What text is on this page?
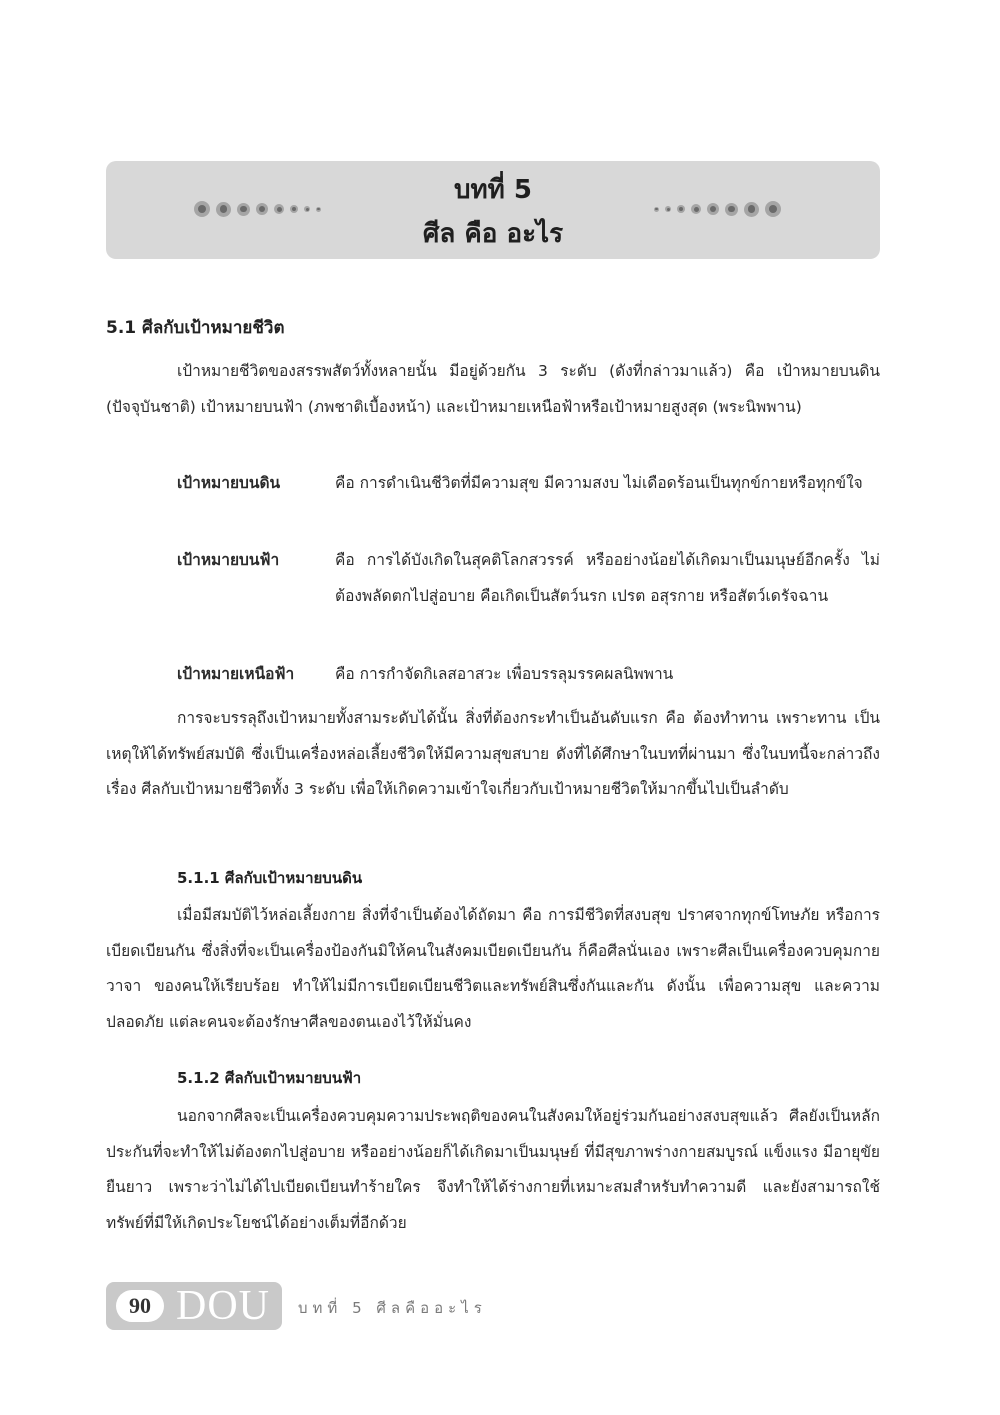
บทที่ 5
ศีล คือ อะไร
5.1 ศีลกับเป้าหมายชีวิต

เป้าหมายชีวิตของสรรพสัตว์ทั้งหลายนั้น มีอยู่ด้วยกัน 3 ระดับ (ดังที่กล่าวมาแล้ว) คือ เป้าหมายบนดิน (ปัจจุบันชาติ) เป้าหมายบนฟ้า (ภพชาติเบื้องหน้า) และเป้าหมายเหนือฟ้าหรือเป้าหมายสูงสุด (พระนิพพาน)

เป้าหมายบนดิน	คือ การดำเนินชีวิตที่มีความสุข มีความสงบ ไม่เดือดร้อนเป็นทุกข์กายหรือทุกข์ใจ
เป้าหมายบนฟ้า	คือ การได้บังเกิดในสุคติโลกสวรรค์ หรืออย่างน้อยได้เกิดมาเป็นมนุษย์อีกครั้ง ไม่ต้องพลัดตกไปสู่อบาย คือเกิดเป็นสัตว์นรก เปรต อสุรกาย หรือสัตว์เดรัจฉาน
เป้าหมายเหนือฟ้า	คือ การกำจัดกิเลสอาสวะ เพื่อบรรลุมรรคผลนิพพาน

การจะบรรลุถึงเป้าหมายทั้งสามระดับได้นั้น สิ่งที่ต้องกระทำเป็นอันดับแรก คือ ต้องทำทาน เพราะทาน เป็นเหตุให้ได้ทรัพย์สมบัติ ซึ่งเป็นเครื่องหล่อเลี้ยงชีวิตให้มีความสุขสบาย ดังที่ได้ศึกษาในบทที่ผ่านมา ซึ่งในบทนี้จะกล่าวถึงเรื่อง ศีลกับเป้าหมายชีวิตทั้ง 3 ระดับ เพื่อให้เกิดความเข้าใจเกี่ยวกับเป้าหมายชีวิตให้มากขึ้นไปเป็นลำดับ

5.1.1 ศีลกับเป้าหมายบนดิน

เมื่อมีสมบัติไว้หล่อเลี้ยงกาย สิ่งที่จำเป็นต้องได้ถัดมา คือ การมีชีวิตที่สงบสุข ปราศจากทุกข์โทษภัย หรือการเบียดเบียนกัน ซึ่งสิ่งที่จะเป็นเครื่องป้องกันมิให้คนในสังคมเบียดเบียนกัน ก็คือศีลนั่นเอง เพราะศีลเป็นเครื่องควบคุมกาย วาจา ของคนให้เรียบร้อย ทำให้ไม่มีการเบียดเบียนชีวิตและทรัพย์สินซึ่งกันและกัน ดังนั้น เพื่อความสุข และความปลอดภัย แต่ละคนจะต้องรักษาศีลของตนเองไว้ให้มั่นคง

5.1.2 ศีลกับเป้าหมายบนฟ้า

นอกจากศีลจะเป็นเครื่องควบคุมความประพฤติของคนในสังคมให้อยู่ร่วมกันอย่างสงบสุขแล้ว ศีลยังเป็นหลักประกันที่จะทำให้ไม่ต้องตกไปสู่อบาย หรืออย่างน้อยก็ได้เกิดมาเป็นมนุษย์ ที่มีสุขภาพร่างกายสมบูรณ์ แข็งแรง มีอายุขัยยืนยาว เพราะว่าไม่ได้ไปเบียดเบียนทำร้ายใคร จึงทำให้ได้ร่างกายที่เหมาะสมสำหรับทำความดี และยังสามารถใช้ทรัพย์ที่มีให้เกิดประโยชน์ได้อย่างเต็มที่อีกด้วย

90 DOU บทที่ 5 ศีลคืออะไร
